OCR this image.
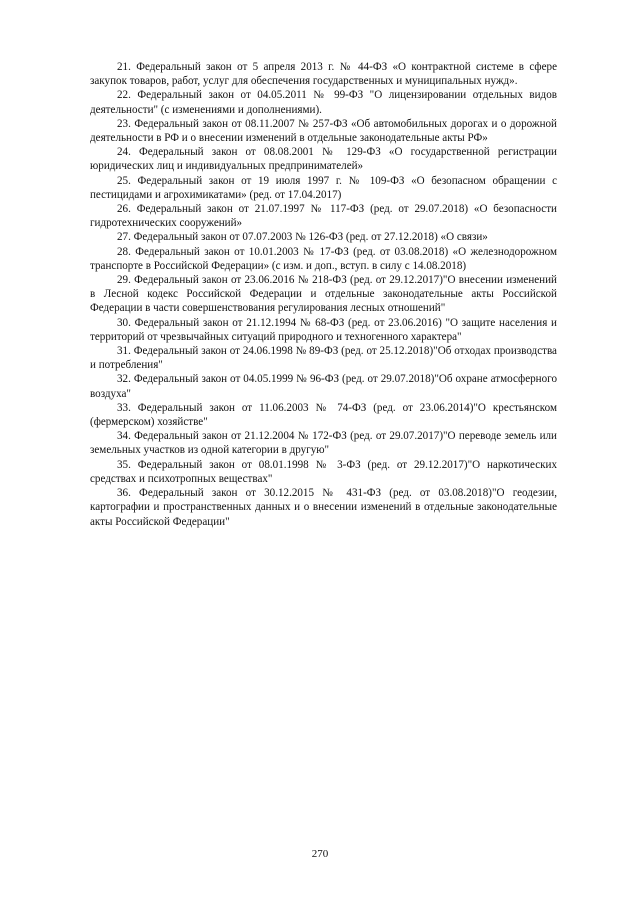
21. Федеральный закон от 5 апреля 2013 г. № 44-ФЗ «О контрактной системе в сфере закупок товаров, работ, услуг для обеспечения государственных и муниципальных нужд».

22. Федеральный закон от 04.05.2011 № 99-ФЗ "О лицензировании отдельных видов деятельности" (с изменениями и дополнениями).

23. Федеральный закон от 08.11.2007 № 257-ФЗ «Об автомобильных дорогах и о дорожной деятельности в РФ и о внесении изменений в отдельные законодательные акты РФ»

24. Федеральный закон от 08.08.2001 № 129-ФЗ «О государственной регистрации юридических лиц и индивидуальных предпринимателей»

25. Федеральный закон от 19 июля 1997 г. № 109-ФЗ «О безопасном обращении с пестицидами и агрохимикатами» (ред. от 17.04.2017)

26. Федеральный закон от 21.07.1997 № 117-ФЗ (ред. от 29.07.2018) «О безопасности гидротехнических сооружений»

27. Федеральный закон от 07.07.2003 № 126-ФЗ (ред. от 27.12.2018) «О связи»

28. Федеральный закон от 10.01.2003 № 17-ФЗ (ред. от 03.08.2018) «О железнодорожном транспорте в Российской Федерации» (с изм. и доп., вступ. в силу с 14.08.2018)

29. Федеральный закон от 23.06.2016 № 218-ФЗ (ред. от 29.12.2017)"О внесении изменений в Лесной кодекс Российской Федерации и отдельные законодательные акты Российской Федерации в части совершенствования регулирования лесных отношений"

30. Федеральный закон от 21.12.1994 № 68-ФЗ (ред. от 23.06.2016) "О защите населения и территорий от чрезвычайных ситуаций природного и техногенного характера"

31. Федеральный закон от 24.06.1998 № 89-ФЗ (ред. от 25.12.2018)"Об отходах производства и потребления"

32. Федеральный закон от 04.05.1999 № 96-ФЗ (ред. от 29.07.2018)"Об охране атмосферного воздуха"

33. Федеральный закон от 11.06.2003 № 74-ФЗ (ред. от 23.06.2014)"О крестьянском (фермерском) хозяйстве"

34. Федеральный закон от 21.12.2004 № 172-ФЗ (ред. от 29.07.2017)"О переводе земель или земельных участков из одной категории в другую"

35. Федеральный закон от 08.01.1998 № 3-ФЗ (ред. от 29.12.2017)"О наркотических средствах и психотропных веществах"

36. Федеральный закон от 30.12.2015 № 431-ФЗ (ред. от 03.08.2018)"О геодезии, картографии и пространственных данных и о внесении изменений в отдельные законодательные акты Российской Федерации"

270
